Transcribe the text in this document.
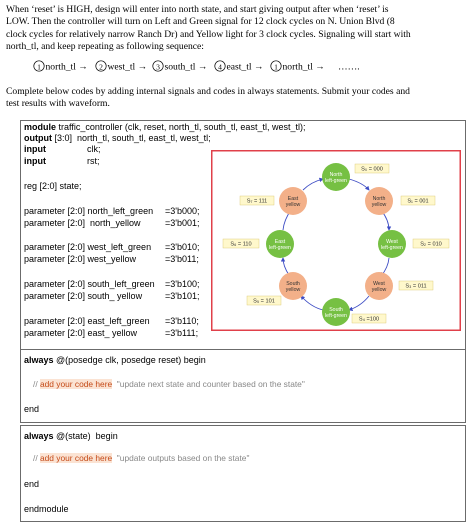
When ‘reset’ is HIGH, design will enter into north state, and start giving output after when ‘reset’ is
LOW. Then the controller will turn on Left and Green signal for 12 clock cycles on N. Union Blvd (8
clock cycles for relatively narrow Ranch Dr) and Yellow light for 3 clock cycles. Signaling will start with
north_tl, and keep repeating as following sequence:
1 north_tl → 2 west_tl → 3 south_tl → 4 east_tl → 1 north_tl → …….
Complete below codes by adding internal signals and codes in always statements. Submit your codes and
test results with waveform.
module traffic_controller (clk, reset, north_tl, south_tl, east_tl, west_tl);
output [3:0]  north_tl, south_tl, east_tl, west_tl;
input	clk;
input	rst;
reg [2:0] state;
parameter [2:0] north_left_green =3'b000;
parameter [2:0]  north_yellow	=3'b001;
parameter [2:0] west_left_green =3'b010;
parameter [2:0] west_yellow	=3'b011;
parameter [2:0] south_left_green =3'b100;
parameter [2:0] south_ yellow	=3'b101;
parameter [2:0] east_left_green =3'b110;
parameter [2:0] east_ yellow	=3'b111;
North
left-green
North
yellow
West
left-green
West
yellow
South
left-green
South
yellow
East
left-green
East
yellow
S₀ = 000
S₁ = 001
S₂ = 010
S₃ = 011
S₄ =100
S₅ = 101
S₆ = 110
S₇ = 111
always @(posedge clk, posedge reset) begin
// add your code here  "update next state and counter based on the state"
end
always @(state)  begin
// add your code here  "update outputs based on the state"
end
endmodule
